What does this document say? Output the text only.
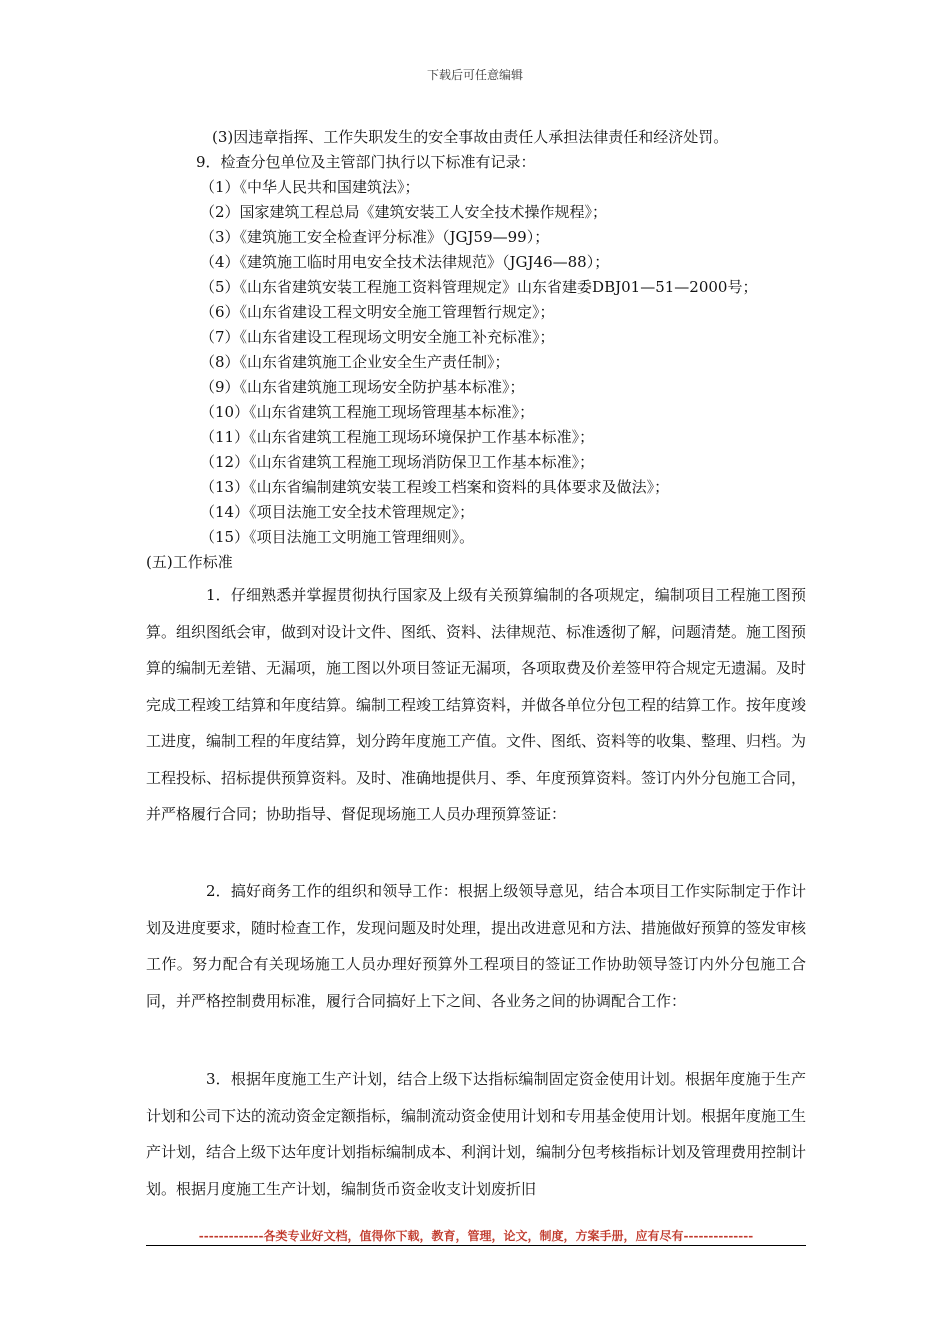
下载后可任意编辑
(3)因违章指挥、工作失职发生的安全事故由责任人承担法律责任和经济处罚。
9．检查分包单位及主管部门执行以下标准有记录：
（1）《中华人民共和国建筑法》；
（2）国家建筑工程总局《建筑安装工人安全技术操作规程》；
（3）《建筑施工安全检查评分标准》（JGJ59—99）；
（4）《建筑施工临时用电安全技术法律规范》（JGJ46—88）；
（5）《山东省建筑安装工程施工资料管理规定》山东省建委DBJ01—51—2000号；
（6）《山东省建设工程文明安全施工管理暂行规定》；
（7）《山东省建设工程现场文明安全施工补充标准》；
（8）《山东省建筑施工企业安全生产责任制》；
（9）《山东省建筑施工现场安全防护基本标准》；
（10）《山东省建筑工程施工现场管理基本标准》；
（11）《山东省建筑工程施工现场环境保护工作基本标准》；
（12）《山东省建筑工程施工现场消防保卫工作基本标准》；
（13）《山东省编制建筑安装工程竣工档案和资料的具体要求及做法》；
（14）《项目法施工安全技术管理规定》；
（15）《项目法施工文明施工管理细则》。
(五)工作标准
1．仔细熟悉并掌握贯彻执行国家及上级有关预算编制的各项规定，编制项目工程施工图预算。组织图纸会审，做到对设计文件、图纸、资料、法律规范、标准透彻了解，问题清楚。施工图预算的编制无差错、无漏项，施工图以外项目签证无漏项，各项取费及价差签甲符合规定无遗漏。及时完成工程竣工结算和年度结算。编制工程竣工结算资料，并做各单位分包工程的结算工作。按年度竣工进度，编制工程的年度结算，划分跨年度施工产值。文件、图纸、资料等的收集、整理、归档。为工程投标、招标提供预算资料。及时、准确地提供月、季、年度预算资料。签订内外分包施工合同，并严格履行合同；协助指导、督促现场施工人员办理预算签证：
2．搞好商务工作的组织和领导工作：根据上级领导意见，结合本项目工作实际制定于作计划及进度要求，随时检查工作，发现问题及时处理，提出改进意见和方法、措施做好预算的签发审核工作。努力配合有关现场施工人员办理好预算外工程项目的签证工作协助领导签订内外分包施工合同，并严格控制费用标准，履行合同搞好上下之间、各业务之间的协调配合工作：
3．根据年度施工生产计划，结合上级下达指标编制固定资金使用计划。根据年度施于生产计划和公司下达的流动资金定额指标，编制流动资金使用计划和专用基金使用计划。根据年度施工生产计划，结合上级下达年度计划指标编制成本、利润计划，编制分包考核指标计划及管理费用控制计划。根据月度施工生产计划，编制货币资金收支计划废折旧
-------------各类专业好文档，值得你下载，教育，管理，论文，制度，方案手册，应有尽有--------------
